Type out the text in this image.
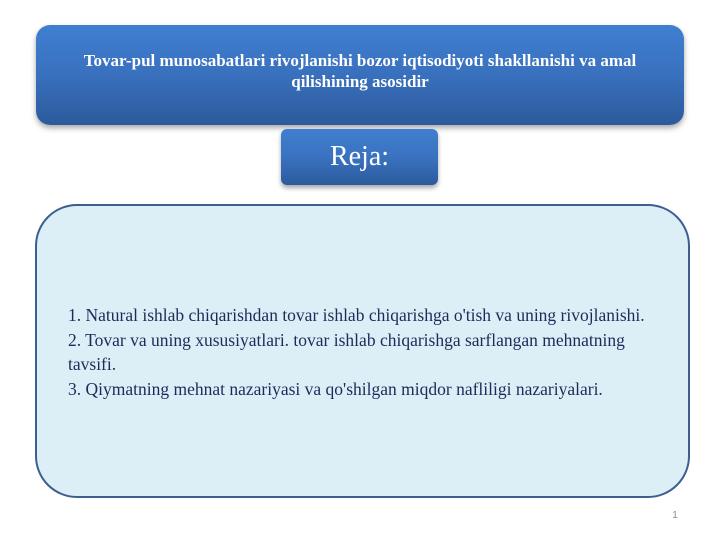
Tovar-pul munosabatlari rivojlanishi bozor iqtisodiyoti shakllanishi va amal qilishining asosidir
Reja:
1. Natural ishlab chiqarishdan tovar ishlab chiqarishga o'tish va uning rivojlanishi.
2. Tovar va uning xususiyatlari. tovar ishlab chiqarishga sarflangan mehnatning tavsifi.
3. Qiymatning mehnat nazariyasi va qo'shilgan miqdor nafliligi nazariyalari.
1
